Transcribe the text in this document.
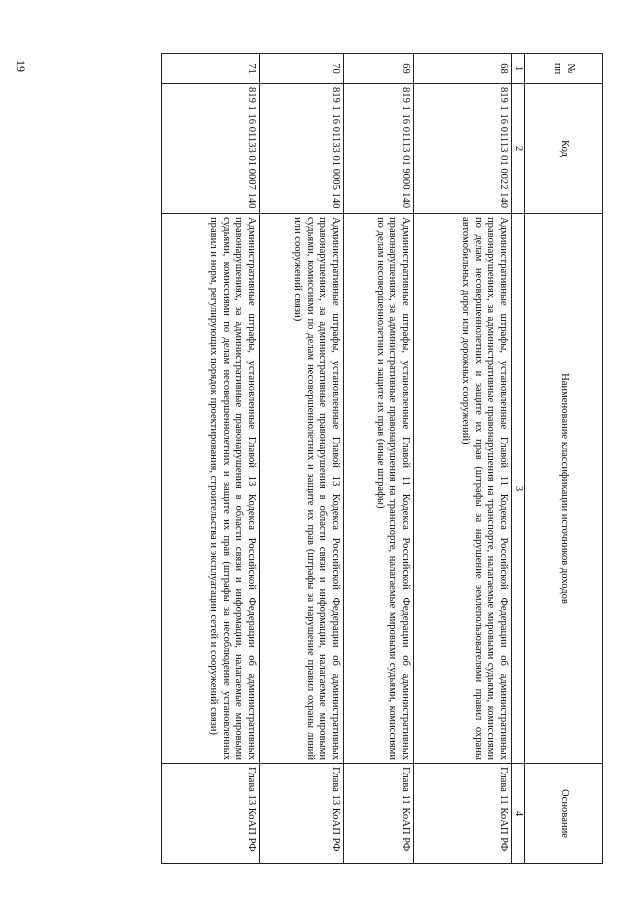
19	№ пп	Код	Наименование классификации источников доходов	Основание
1	2	3	4
68	819 1 16 01113 01 0022 140	Административные штрафы, установленные Главой 11 Кодекса Российской Федерации об административных правонарушениях, за административные правонарушения на транспорте, налагаемые мировыми судьями, комиссиями по делам несовершеннолетних и защите их прав (штрафы за нарушение землепользователями правил охраны автомобильных дорог или дорожных сооружений)	Глава 11 КоАП РФ
69	819 1 16 01113 01 9000 140	Административные штрафы, установленные Главой 11 Кодекса Российской Федерации об административных правонарушениях, за административные правонарушения на транспорте, налагаемые мировыми судьями, комиссиями по делам несовершеннолетних и защите их прав (иные штрафы)	Глава 11 КоАП РФ
70	819 1 16 01133 01 0005 140	Административные штрафы, установленные Главой 13 Кодекса Российской Федерации об административных правонарушениях, за административные правонарушения в области связи и информации, налагаемые мировыми судьями, комиссиями по делам несовершеннолетних и защите их прав (штрафы за нарушение правил охраны линий или сооружений связи)	Глава 13 КоАП РФ
71	819 1 16 01133 01 0007 140	Административные штрафы, установленные Главой 13 Кодекса Российской Федерации об административных правонарушениях, за административные правонарушения в области связи и информации, налагаемые мировыми судьями, комиссиями по делам несовершеннолетних и защите их прав (штрафы за несоблюдение установленных правил и норм, регулирующих порядок проектирования, строительства и эксплуатации сетей и сооружений связи)	Глава 13 КоАП РФ
